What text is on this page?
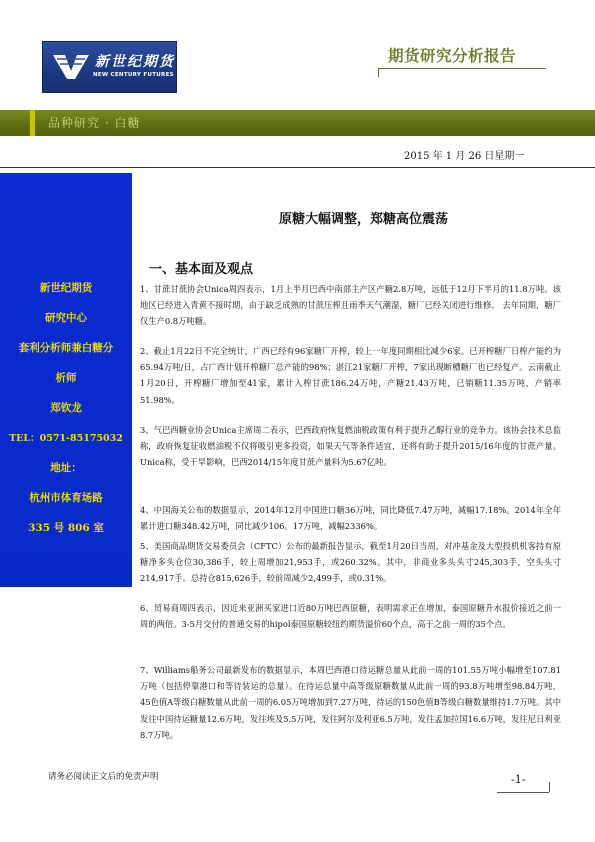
新世纪期货
NEW CENTURY FUTURES
期货研究分析报告
品种研究 · 白糖
2015 年 1 月 26 日星期一
新世纪期货
研究中心
套利分析师兼白糖分
析师
郑钦龙
TEL：0571-85175032
地址：
杭州市体育场路
335 号 806 室
原糖大幅调整，郑糖高位震荡
一、基本面及观点
1、甘蔗甘蔗协会Unica周四表示，1月上半月巴西中南部主产区产糖2.8万吨，远低于12月下半月的11.8万吨。该地区已经进入青黄不接时期，由于缺乏成熟的甘蔗压榨且雨季天气潮湿，糖厂已经关闭进行维修。 去年同期，糖厂仅生产0.8万吨糖。
2、截止1月22日不完全统计，广西已经有96家糖厂开榨，较上一年度同期相比减少6家。已开榨糖厂日榨产能约为65.94万吨/日，占广西计划开榨糖厂总产能的98%；湛江21家糖厂开榨，7家出现断槽糖厂也已经复产。云南截止1月20日，开榨糖厂增加至41家，累计入榨甘蔗186.24万吨，产糖21.43万吨，已销糖11.35万吨，产销率51.98%。
3、气巴西糖业协会Unica主席周二表示，巴西政府恢复燃油税政策有利于提升乙醇行业的竞争力。该协会技术总监称，政府恢复征收燃油税不仅将吸引更多投资，如果天气等条件适宜，还将有助于提升2015/16年度的甘蔗产量。Unica称，受干旱影响，巴西2014/15年度甘蔗产量料为5.67亿吨。
4、中国海关公布的数据显示，2014年12月中国进口糖36万吨，同比降低7.47万吨，减幅17.18%。2014年全年累计进口糖348.42万吨，同比减少106。17万吨，减幅2336%。
5、美国商品期货交易委员会（CFTC）公布的最新报告显示，截至1月20日当周，对冲基金及大型投机机客持有原糖净多头仓位30,386手，较上周增加21,953手，或260.32%。其中，非商业多头头寸245,303手，空头头寸214,917手。总持仓815,626手，较前周减少2,499手，或0.31%。
6、贸易商周四表示，因近来亚洲买家进口近80万吨巴西原糖，表明需求正在增加，泰国原糖升水报价接近之前一周的两倍。3-5月交付的普通交易的hipol泰国原糖较纽约期货溢价60个点，高于之前一周的35个点。
7、Williams船务公司最新发布的数据显示，本周巴西港口待运糖总量从此前一周的101.55万吨小幅增至107.81万吨（包括停靠港口和等待装运的总量）。在待运总量中高等级原糖数量从此前一周的93.8万吨增至98.84万吨，45色值A等级白糖数量从此前一周的6.05万吨增加到7.27万吨，待运的150色值B等级白糖数量维持1.7万吨。其中发往中国待运糖量12.6万吨，发往埃及5.5万吨，发往阿尔及利亚6.5万吨，发往孟加拉国16.6万吨，发往尼日利亚8.7万吨。
请务必阅读正文后的免责声明	-1-
